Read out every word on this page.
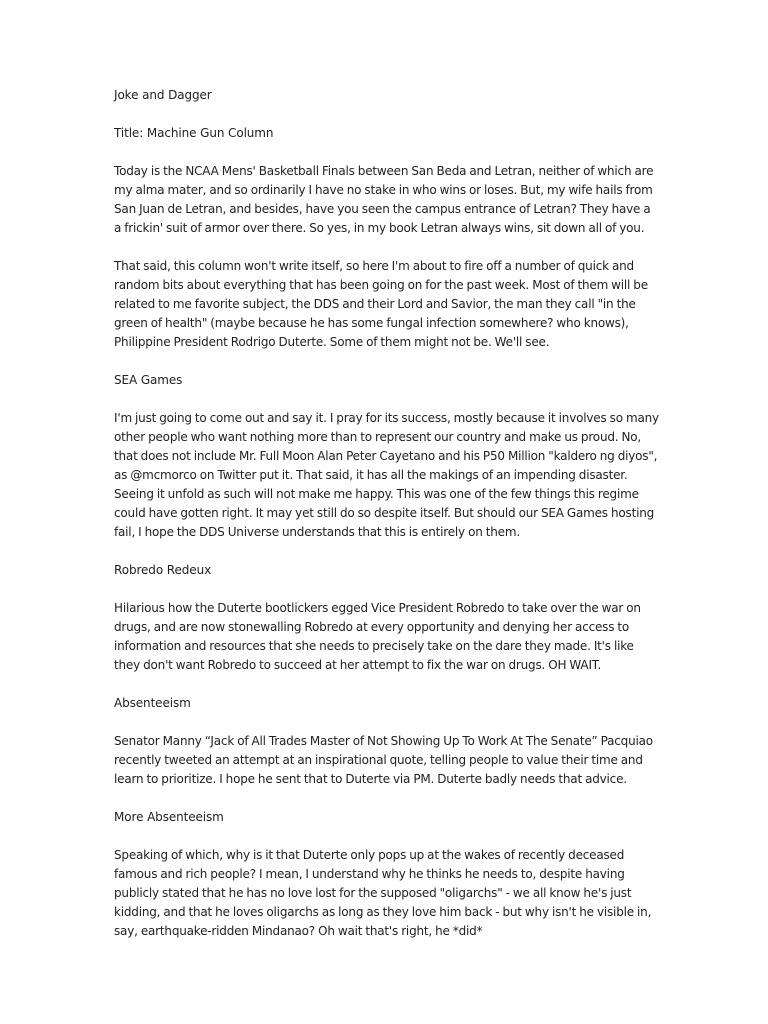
Joke and Dagger

Title: Machine Gun Column

Today is the NCAA Mens' Basketball Finals between San Beda and Letran, neither of which are my alma mater, and so ordinarily I have no stake in who wins or loses. But, my wife hails from San Juan de Letran, and besides, have you seen the campus entrance of Letran? They have a a frickin' suit of armor over there. So yes, in my book Letran always wins, sit down all of you.

That said, this column won't write itself, so here I'm about to fire off a number of quick and random bits about everything that has been going on for the past week. Most of them will be related to me favorite subject, the DDS and their Lord and Savior, the man they call "in the green of health" (maybe because he has some fungal infection somewhere? who knows), Philippine President Rodrigo Duterte. Some of them might not be. We'll see.

SEA Games

I'm just going to come out and say it. I pray for its success, mostly because it involves so many other people who want nothing more than to represent our country and make us proud. No, that does not include Mr. Full Moon Alan Peter Cayetano and his P50 Million "kaldero ng diyos", as @mcmorco on Twitter put it. That said, it has all the makings of an impending disaster. Seeing it unfold as such will not make me happy. This was one of the few things this regime could have gotten right. It may yet still do so despite itself. But should our SEA Games hosting fail, I hope the DDS Universe understands that this is entirely on them.

Robredo Redeux

Hilarious how the Duterte bootlickers egged Vice President Robredo to take over the war on drugs, and are now stonewalling Robredo at every opportunity and denying her access to information and resources that she needs to precisely take on the dare they made. It's like they don't want Robredo to succeed at her attempt to fix the war on drugs. OH WAIT.

Absenteeism

Senator Manny “Jack of All Trades Master of Not Showing Up To Work At The Senate” Pacquiao recently tweeted an attempt at an inspirational quote, telling people to value their time and learn to prioritize. I hope he sent that to Duterte via PM. Duterte badly needs that advice.

More Absenteeism

Speaking of which, why is it that Duterte only pops up at the wakes of recently deceased famous and rich people? I mean, I understand why he thinks he needs to, despite having publicly stated that he has no love lost for the supposed "oligarchs" - we all know he's just kidding, and that he loves oligarchs as long as they love him back - but why isn't he visible in, say, earthquake-ridden Mindanao? Oh wait that's right, he *did*
